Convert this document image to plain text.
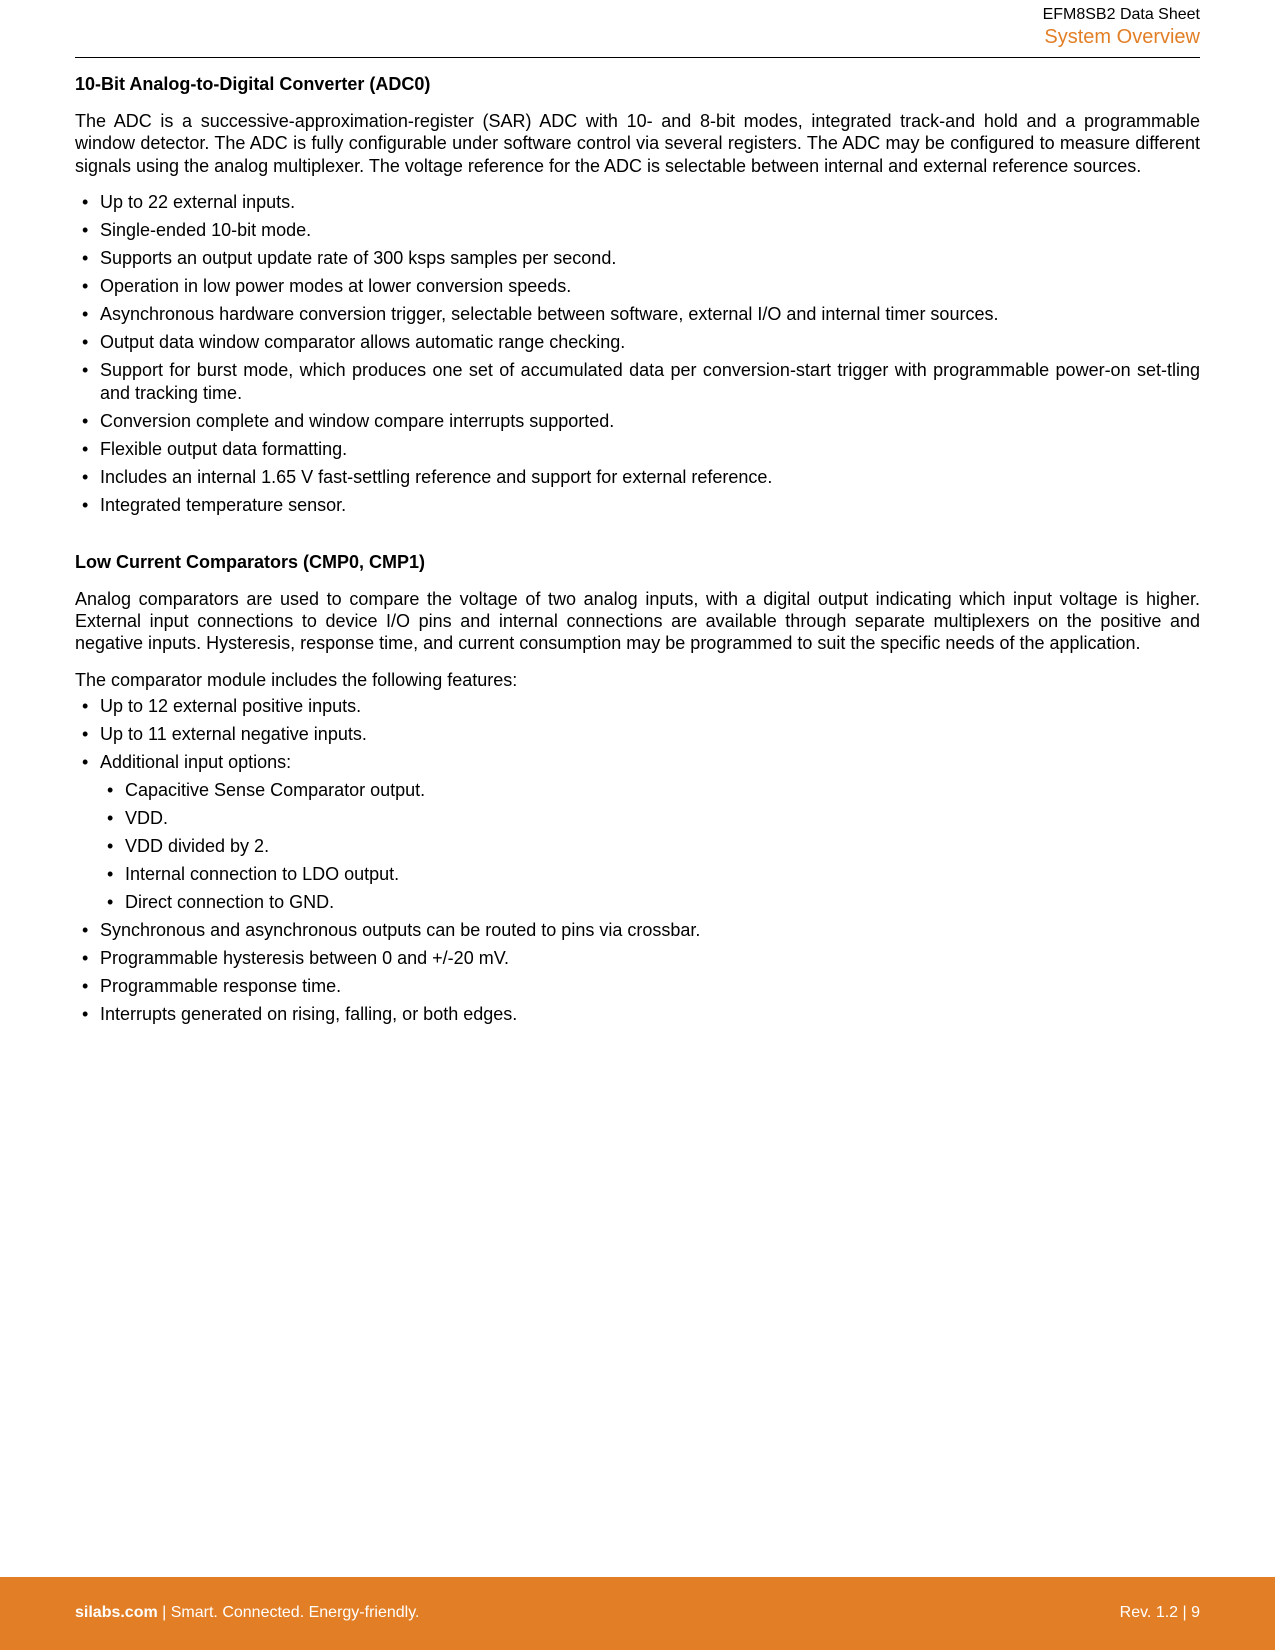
EFM8SB2 Data Sheet
System Overview
10-Bit Analog-to-Digital Converter (ADC0)

The ADC is a successive-approximation-register (SAR) ADC with 10- and 8-bit modes, integrated track-and hold and a programmable window detector. The ADC is fully configurable under software control via several registers. The ADC may be configured to measure different signals using the analog multiplexer. The voltage reference for the ADC is selectable between internal and external reference sources.

• Up to 22 external inputs.
• Single-ended 10-bit mode.
• Supports an output update rate of 300 ksps samples per second.
• Operation in low power modes at lower conversion speeds.
• Asynchronous hardware conversion trigger, selectable between software, external I/O and internal timer sources.
• Output data window comparator allows automatic range checking.
• Support for burst mode, which produces one set of accumulated data per conversion-start trigger with programmable power-on set-tling and tracking time.
• Conversion complete and window compare interrupts supported.
• Flexible output data formatting.
• Includes an internal 1.65 V fast-settling reference and support for external reference.
• Integrated temperature sensor.
Low Current Comparators (CMP0, CMP1)

Analog comparators are used to compare the voltage of two analog inputs, with a digital output indicating which input voltage is higher. External input connections to device I/O pins and internal connections are available through separate multiplexers on the positive and negative inputs. Hysteresis, response time, and current consumption may be programmed to suit the specific needs of the application.

The comparator module includes the following features:

• Up to 12 external positive inputs.
• Up to 11 external negative inputs.
• Additional input options:
• Capacitive Sense Comparator output.
• VDD.
• VDD divided by 2.
• Internal connection to LDO output.
• Direct connection to GND.
• Synchronous and asynchronous outputs can be routed to pins via crossbar.
• Programmable hysteresis between 0 and +/-20 mV.
• Programmable response time.
• Interrupts generated on rising, falling, or both edges.
silabs.com | Smart. Connected. Energy-friendly.	Rev. 1.2 | 9
